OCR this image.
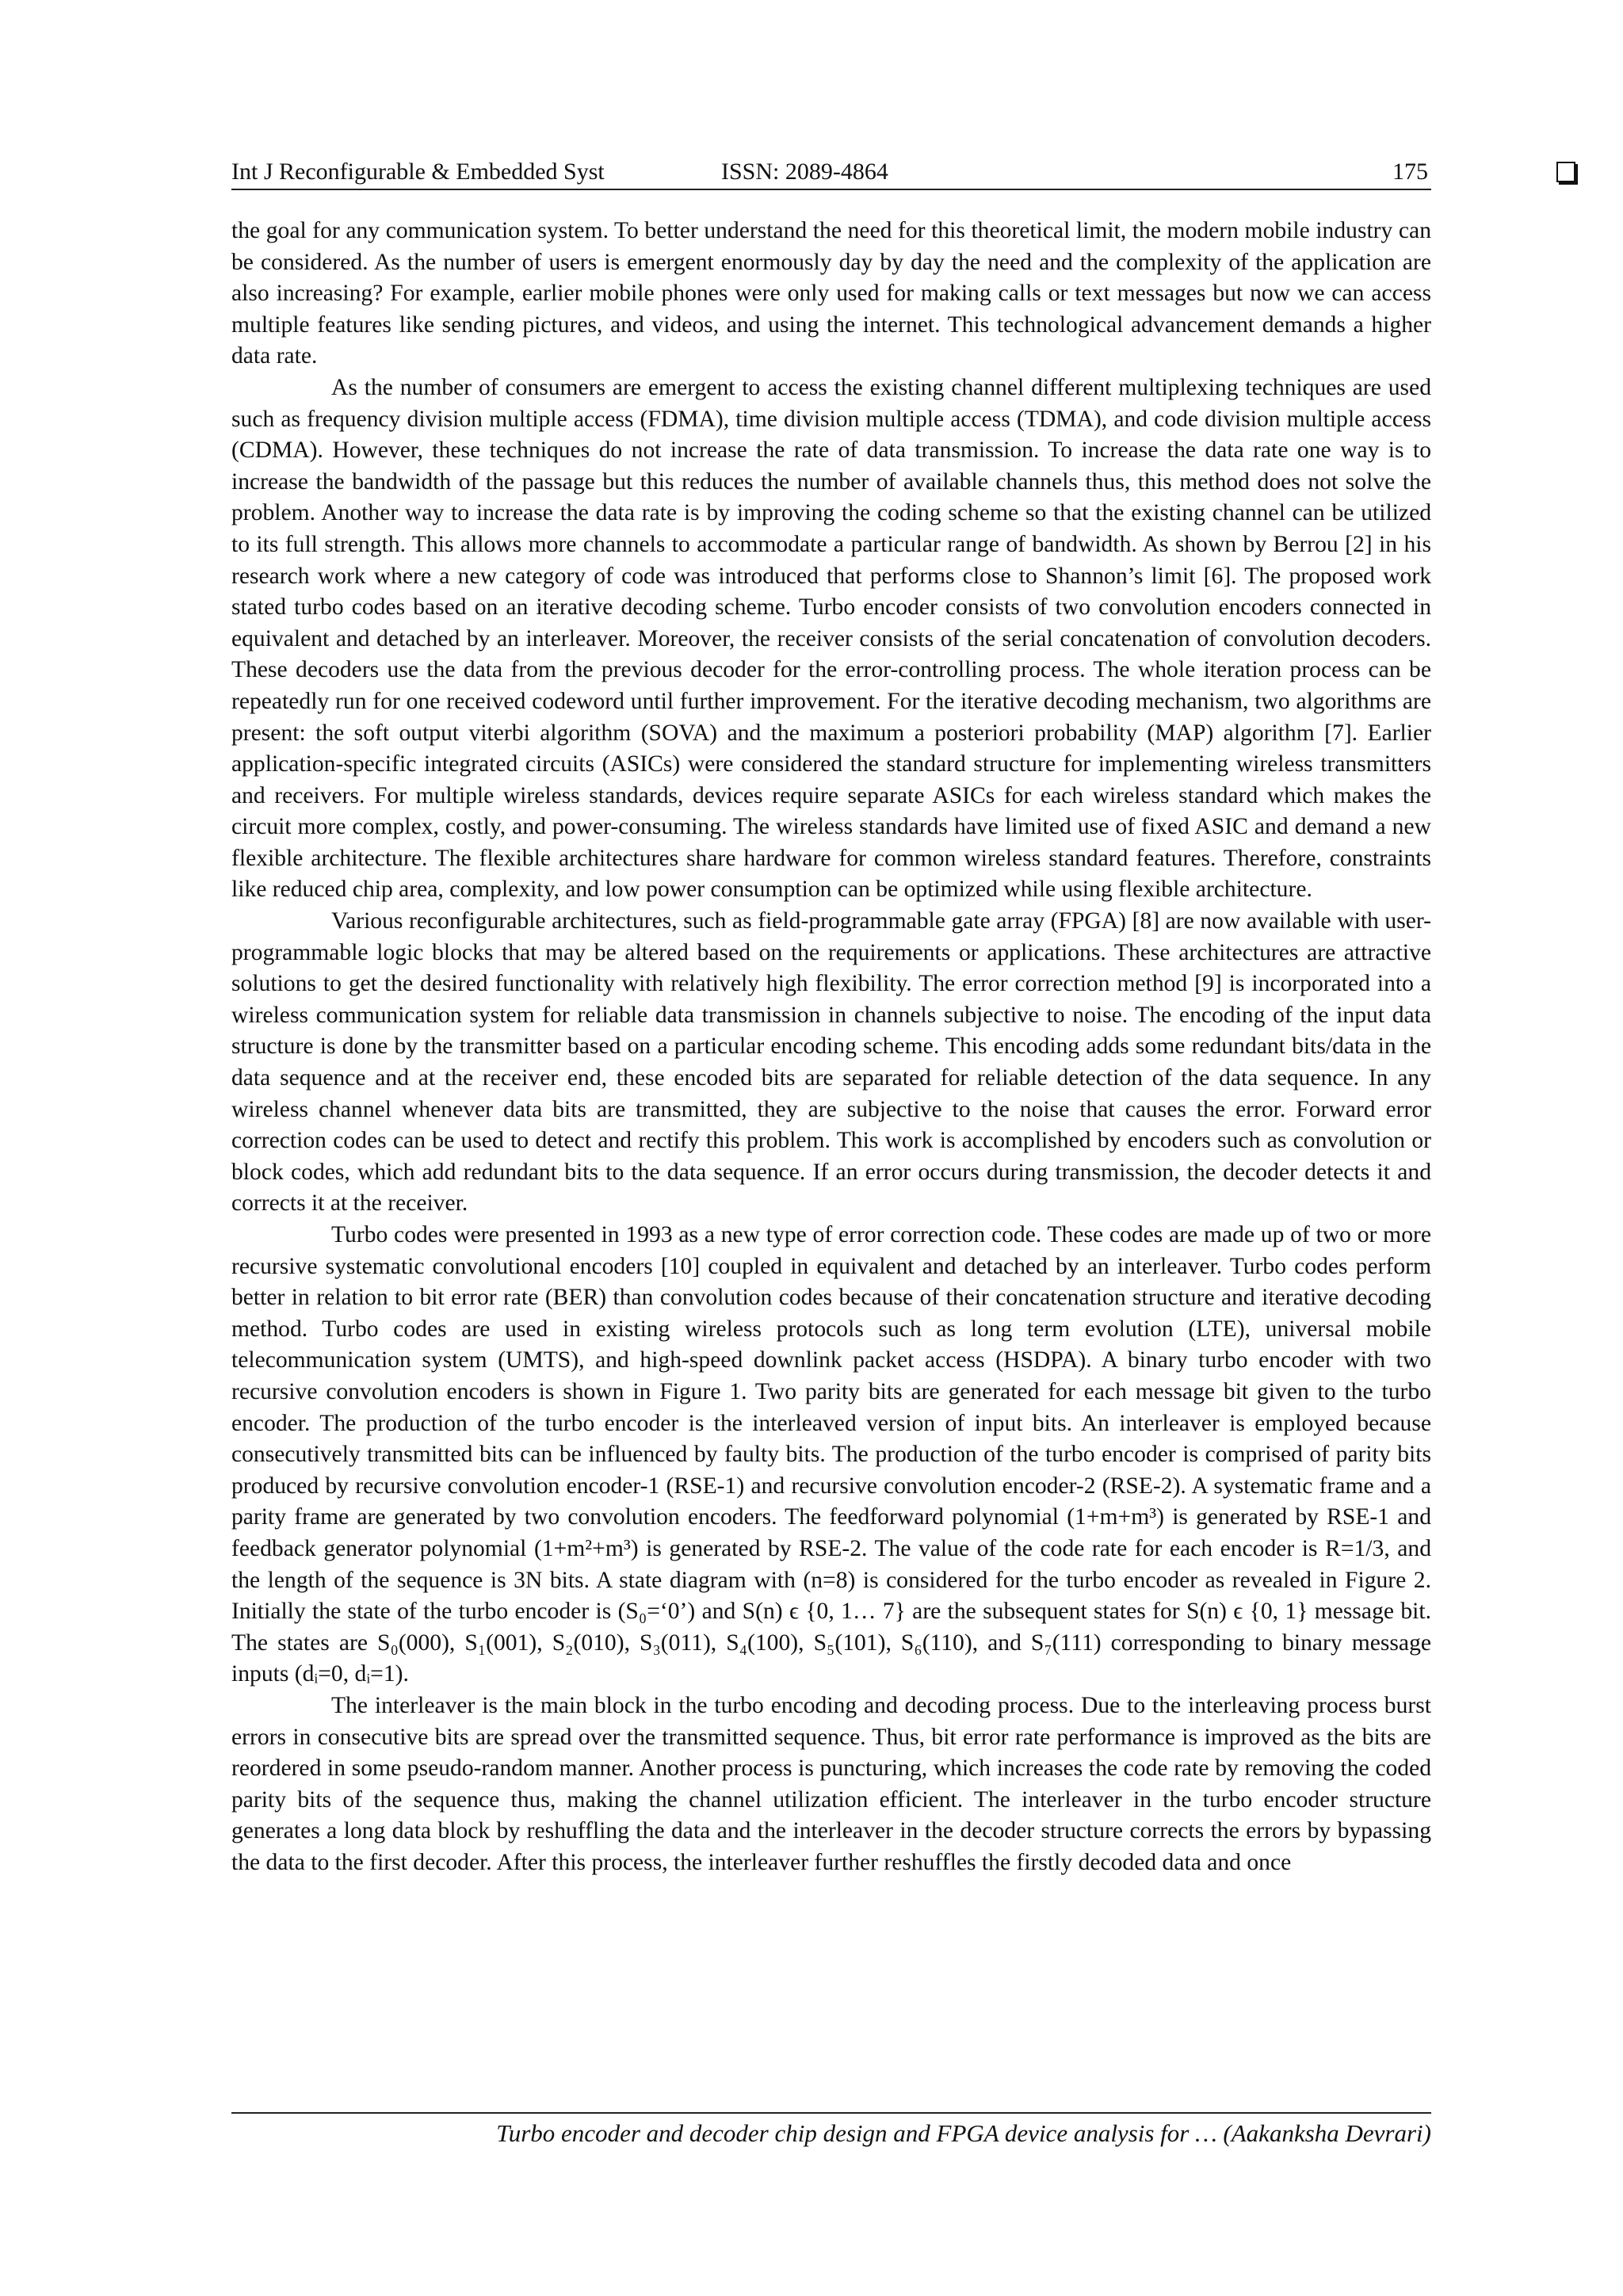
Int J Reconfigurable & Embedded Syst	ISSN: 2089-4864	175

the goal for any communication system. To better understand the need for this theoretical limit, the modern mobile industry can be considered. As the number of users is emergent enormously day by day the need and the complexity of the application are also increasing? For example, earlier mobile phones were only used for making calls or text messages but now we can access multiple features like sending pictures, and videos, and using the internet. This technological advancement demands a higher data rate.

As the number of consumers are emergent to access the existing channel different multiplexing techniques are used such as frequency division multiple access (FDMA), time division multiple access (TDMA), and code division multiple access (CDMA). However, these techniques do not increase the rate of data transmission. To increase the data rate one way is to increase the bandwidth of the passage but this reduces the number of available channels thus, this method does not solve the problem. Another way to increase the data rate is by improving the coding scheme so that the existing channel can be utilized to its full strength. This allows more channels to accommodate a particular range of bandwidth. As shown by Berrou [2] in his research work where a new category of code was introduced that performs close to Shannon’s limit [6]. The proposed work stated turbo codes based on an iterative decoding scheme. Turbo encoder consists of two convolution encoders connected in equivalent and detached by an interleaver. Moreover, the receiver consists of the serial concatenation of convolution decoders. These decoders use the data from the previous decoder for the error-controlling process. The whole iteration process can be repeatedly run for one received codeword until further improvement. For the iterative decoding mechanism, two algorithms are present: the soft output viterbi algorithm (SOVA) and the maximum a posteriori probability (MAP) algorithm [7]. Earlier application-specific integrated circuits (ASICs) were considered the standard structure for implementing wireless transmitters and receivers. For multiple wireless standards, devices require separate ASICs for each wireless standard which makes the circuit more complex, costly, and power-consuming. The wireless standards have limited use of fixed ASIC and demand a new flexible architecture. The flexible architectures share hardware for common wireless standard features. Therefore, constraints like reduced chip area, complexity, and low power consumption can be optimized while using flexible architecture.

Various reconfigurable architectures, such as field-programmable gate array (FPGA) [8] are now available with user-programmable logic blocks that may be altered based on the requirements or applications. These architectures are attractive solutions to get the desired functionality with relatively high flexibility. The error correction method [9] is incorporated into a wireless communication system for reliable data transmission in channels subjective to noise. The encoding of the input data structure is done by the transmitter based on a particular encoding scheme. This encoding adds some redundant bits/data in the data sequence and at the receiver end, these encoded bits are separated for reliable detection of the data sequence. In any wireless channel whenever data bits are transmitted, they are subjective to the noise that causes the error. Forward error correction codes can be used to detect and rectify this problem. This work is accomplished by encoders such as convolution or block codes, which add redundant bits to the data sequence. If an error occurs during transmission, the decoder detects it and corrects it at the receiver.

Turbo codes were presented in 1993 as a new type of error correction code. These codes are made up of two or more recursive systematic convolutional encoders [10] coupled in equivalent and detached by an interleaver. Turbo codes perform better in relation to bit error rate (BER) than convolution codes because of their concatenation structure and iterative decoding method. Turbo codes are used in existing wireless protocols such as long term evolution (LTE), universal mobile telecommunication system (UMTS), and high-speed downlink packet access (HSDPA). A binary turbo encoder with two recursive convolution encoders is shown in Figure 1. Two parity bits are generated for each message bit given to the turbo encoder. The production of the turbo encoder is the interleaved version of input bits. An interleaver is employed because consecutively transmitted bits can be influenced by faulty bits. The production of the turbo encoder is comprised of parity bits produced by recursive convolution encoder-1 (RSE-1) and recursive convolution encoder-2 (RSE-2). A systematic frame and a parity frame are generated by two convolution encoders. The feedforward polynomial (1+m+m³) is generated by RSE-1 and feedback generator polynomial (1+m²+m³) is generated by RSE-2. The value of the code rate for each encoder is R=1/3, and the length of the sequence is 3N bits. A state diagram with (n=8) is considered for the turbo encoder as revealed in Figure 2. Initially the state of the turbo encoder is (S₀=‘0’) and S(n) ϵ {0, 1… 7} are the subsequent states for S(n) ϵ {0, 1} message bit. The states are S₀(000), S₁(001), S₂(010), S₃(011), S₄(100), S₅(101), S₆(110), and S₇(111) corresponding to binary message inputs (dᵢ=0, dᵢ=1).

The interleaver is the main block in the turbo encoding and decoding process. Due to the interleaving process burst errors in consecutive bits are spread over the transmitted sequence. Thus, bit error rate performance is improved as the bits are reordered in some pseudo-random manner. Another process is puncturing, which increases the code rate by removing the coded parity bits of the sequence thus, making the channel utilization efficient. The interleaver in the turbo encoder structure generates a long data block by reshuffling the data and the interleaver in the decoder structure corrects the errors by bypassing the data to the first decoder. After this process, the interleaver further reshuffles the firstly decoded data and once

Turbo encoder and decoder chip design and FPGA device analysis for … (Aakanksha Devrari)
